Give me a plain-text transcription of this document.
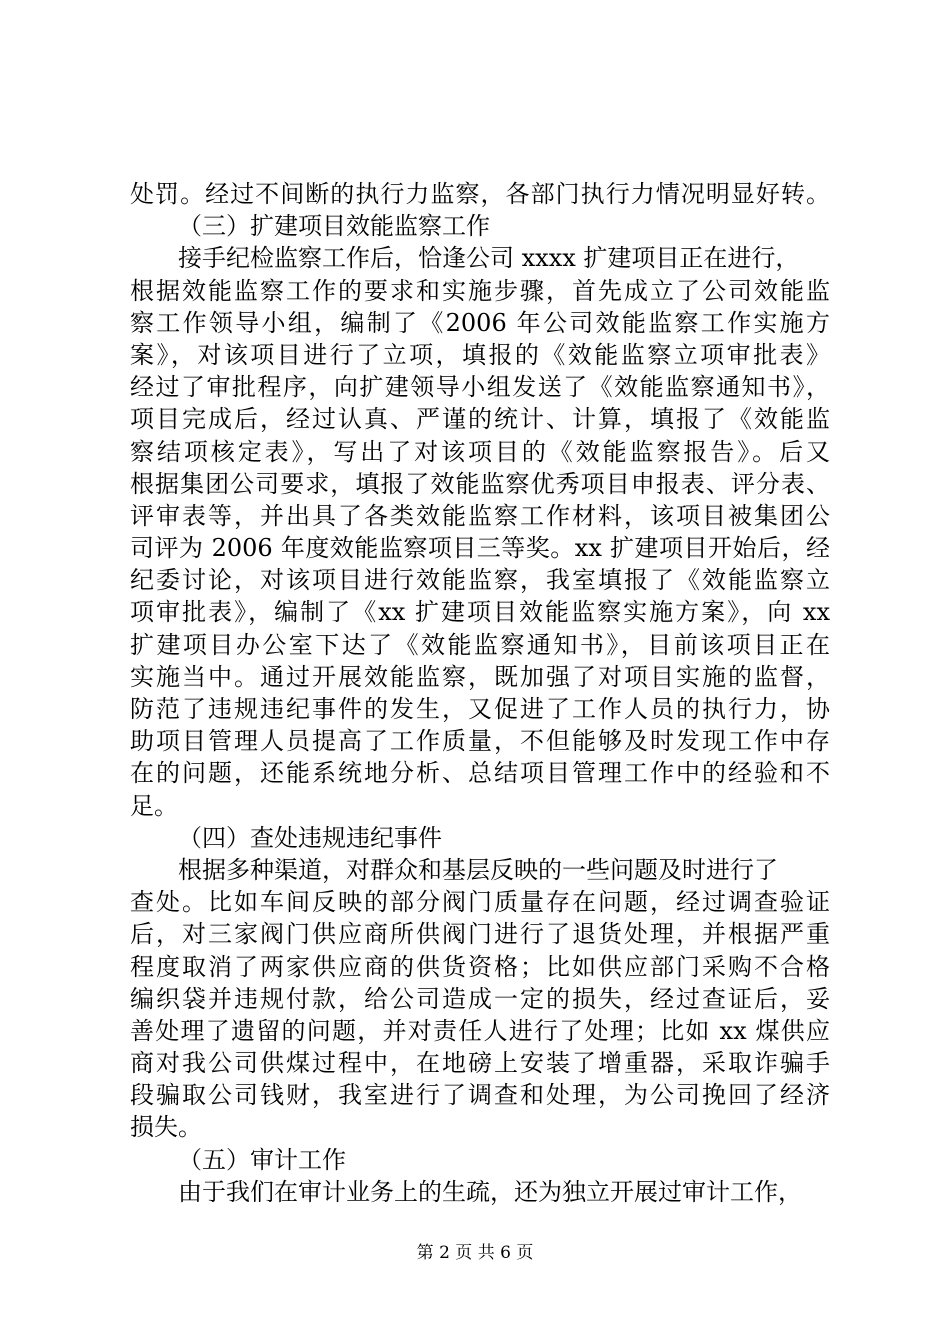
处罚。经过不间断的执行力监察，各部门执行力情况明显好转。
（三）扩建项目效能监察工作
接手纪检监察工作后，恰逢公司 xxxx 扩建项目正在进行，
根据效能监察工作的要求和实施步骤，首先成立了公司效能监
察工作领导小组，编制了《2006 年公司效能监察工作实施方
案》，对该项目进行了立项，填报的《效能监察立项审批表》
经过了审批程序，向扩建领导小组发送了《效能监察通知书》，
项目完成后，经过认真、严谨的统计、计算，填报了《效能监
察结项核定表》，写出了对该项目的《效能监察报告》。后又
根据集团公司要求，填报了效能监察优秀项目申报表、评分表、
评审表等，并出具了各类效能监察工作材料，该项目被集团公
司评为 2006 年度效能监察项目三等奖。xx 扩建项目开始后，经
纪委讨论，对该项目进行效能监察，我室填报了《效能监察立
项审批表》，编制了《xx 扩建项目效能监察实施方案》，向 xx
扩建项目办公室下达了《效能监察通知书》，目前该项目正在
实施当中。通过开展效能监察，既加强了对项目实施的监督，
防范了违规违纪事件的发生，又促进了工作人员的执行力，协
助项目管理人员提高了工作质量，不但能够及时发现工作中存
在的问题，还能系统地分析、总结项目管理工作中的经验和不
足。
（四）查处违规违纪事件
根据多种渠道，对群众和基层反映的一些问题及时进行了
查处。比如车间反映的部分阀门质量存在问题，经过调查验证
后，对三家阀门供应商所供阀门进行了退货处理，并根据严重
程度取消了两家供应商的供货资格；比如供应部门采购不合格
编织袋并违规付款，给公司造成一定的损失，经过查证后，妥
善处理了遗留的问题，并对责任人进行了处理；比如 xx 煤供应
商对我公司供煤过程中，在地磅上安装了增重器，采取诈骗手
段骗取公司钱财，我室进行了调查和处理，为公司挽回了经济
损失。
（五）审计工作
由于我们在审计业务上的生疏，还为独立开展过审计工作，
第 2 页 共 6 页
